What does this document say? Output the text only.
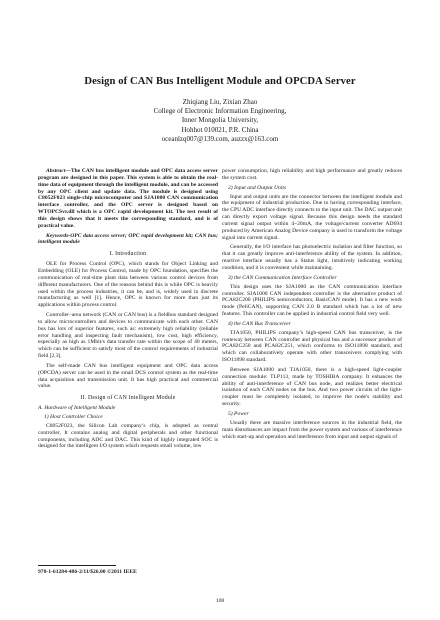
Design of CAN Bus Intelligent Module and OPCDA Server
Zhiqiang Liu, Zixian Zhao
College of Electronic Information Engineering,
Inner Mongolia University,
Hohhot 010021, P.R. China
oceanlzq007@139.com, auzzx@163.com

Abstract—The CAN bus intelligent module and OPC data access server program are designed in this paper. This system is able to obtain the real-time data of equipment through the intelligent module, and can be accessed by any OPC client and update data. The module is designed using C8052F023 single-chip microcomputer and SJA1000 CAN communication interface controller, and the OPC server is designed based on WTOPCSvr.dll which is a OPC rapid development kit. The test result of this design shows that it meets the corresponding standard, and is of practical value.

Keywords-OPC data access server; OPC rapid development kit; CAN bus; intelligent module

I. Introduction

OLE for Process Control (OPC), which stands for Object Linking and Embedding (OLE) for Process Control, made by OPC foundation, specifies the communication of real-time plant data between various control devices from different manufacturers. One of the reasons behind this is while OPC is heavily used within the process industries, it can be, and is, widely used in discrete manufacturing as well [1]. Hence, OPC is known for more than just its applications within process control.

Controller–area network (CAN or CAN bus) is a fieldbus standard designed to allow microcontrollers and devices to communicate with each other. CAN bus has lots of superior features, such as: extremely high reliability (reliable error handling and inspecting fault mechanism), low cost, high efficiency, especially as high as 1Mbit/s data transfer rate within the scope of 40 meters, which can be sufficient to satisfy most of the control requirements of industrial field [2,3].

The self-made CAN bus intelligent equipment and OPC data access (OPCDA) server can be used in the small DCS control system as the real-time data acquisition and transmission unit. It has high practical and commercial value.

II. Design of CAN Intelligent Module
A. Hardware of Intelligent Module
1) Host Controller Choice

C8052F023, the Silicon Lab company’s chip, is adopted as central controller, It contains analog and digital peripherals and other functional components, including ADC and DAC. This kind of highly integrated SOC is designed for the intelligent I/O system which requests small volume, low

power consumption, high reliability and high performance and greatly reduces the system cost.

2) Input and Output Units

Input and output units are the connector between the intelligent module and the equipment of industrial production. Due to having corresponding interface, the CPU ADC interface directly connects to the input unit. The DAC output unit can directly export voltage signal. Because this design needs the standard current signal output within 4~20mA, the voltage/current converter AD694 produced by American Analog Device company is used to transform the voltage signal into current signal.

Generally, the I/O interface has photoelectric isolation and filter function, so that it can greatly improve anti-interference ability of the system. In addition, reactive interface usually has a Status light, intuitively indicating working condition, and it is convenient while maintaining.

3) the CAN Communication Interface Controller

This design uses the SJA1000 as the CAN communication interface controller. SJA1000 CAN independent controller is the alternative product of PCA82C200 (PHILIPS semiconductors, BasicCAN mode). It has a new work mode (PeliCAN), supporting CAN 2.0 B standard which has a lot of new features. This controller can be applied in industrial control field very well.

4) the CAN Bus Transceiver

TJA1050, PHILIPS company’s high-speed CAN bus transceiver, is the routeway between CAN controller and physical bus and a successor product of PCA82C250 and PCA82C251, which conforms to ISO11898 standard, and which can collaboratively operate with other transceivers complying with ISO11898 standard.

Between SJA1000 and TJA1050, there is a high-speed light-coupler connection module: TLP113, made by TOSHIBA company. It enhances the ability of anti-interference of CAN bus node, and realizes better electrical isolation of each CAN nodes on the bus. And two power circuits of the light-coupler must be completely isolated, to improve the node's stability and security.

5) Power

Usually there are massive interference sources in the industrial field, the main disturbances are impact from the power system and various of interference which start-up and operation and interference from input and output signals of

978-1-61284-486-2/11/$26.00 ©2011 IEEE
108
